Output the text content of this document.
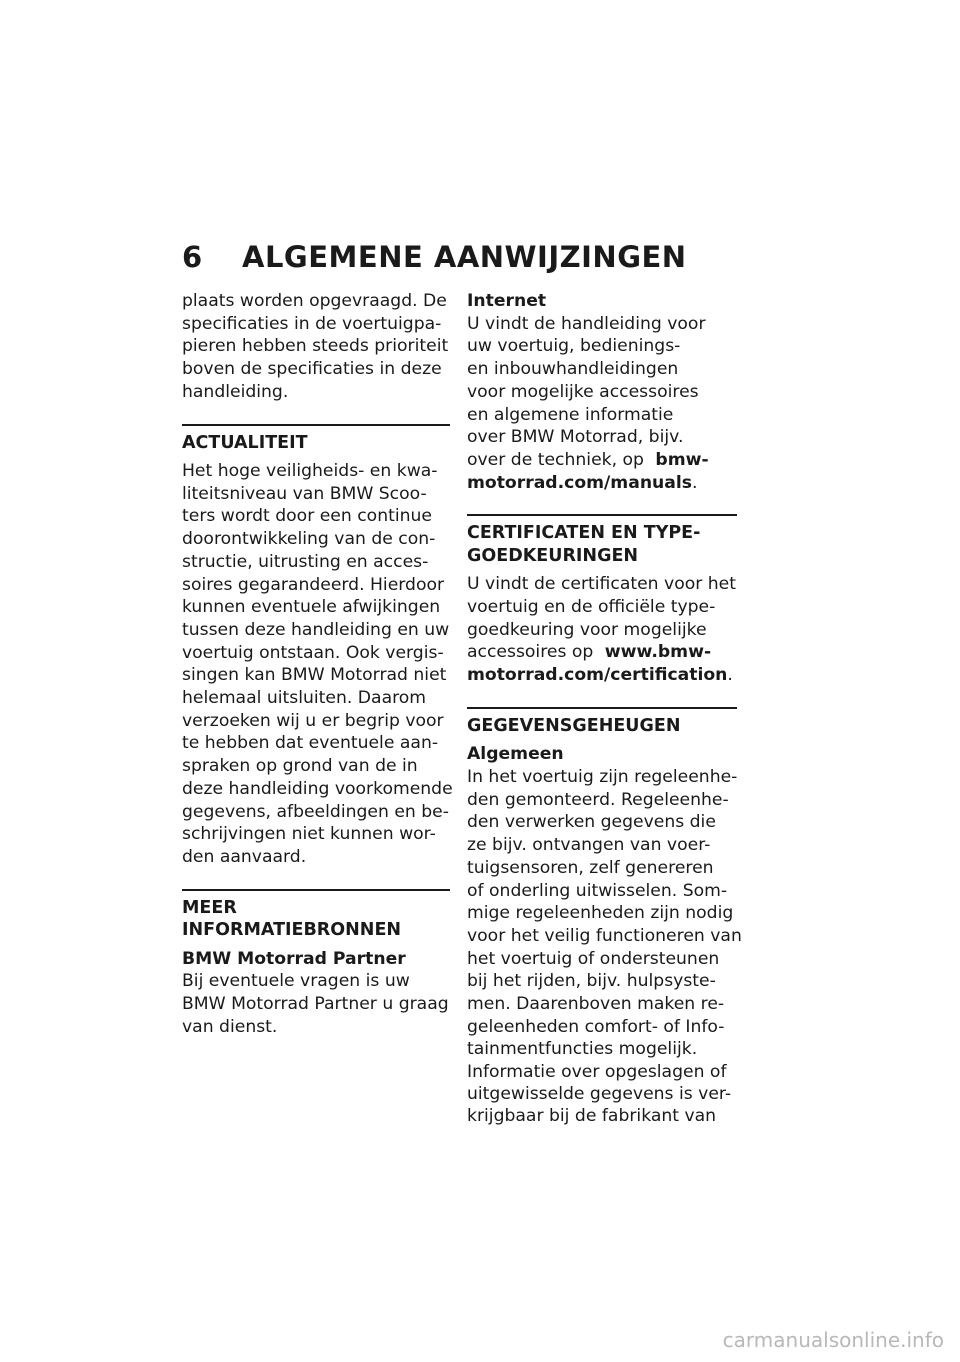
6 ALGEMENE AANWIJZINGEN

plaats worden opgevraagd. De

specificaties in de voertuigpa-

pieren hebben steeds prioriteit

boven de specificaties in deze

handleiding.

ACTUALITEIT

Het hoge veiligheids- en kwa-

liteitsniveau van BMW Scoo-

ters wordt door een continue

doorontwikkeling van de con-

structie, uitrusting en acces-

soires gegarandeerd. Hierdoor

kunnen eventuele afwijkingen

tussen deze handleiding en uw

voertuig ontstaan. Ook vergis-

singen kan BMW Motorrad niet

helemaal uitsluiten. Daarom

verzoeken wij u er begrip voor

te hebben dat eventuele aan-

spraken op grond van de in

deze handleiding voorkomende

gegevens, afbeeldingen en be-

schrijvingen niet kunnen wor-

den aanvaard.

MEER
INFORMATIEBRONNEN

BMW Motorrad Partner

Bij eventuele vragen is uw

BMW Motorrad Partner u graag

van dienst.

Internet

U vindt de handleiding voor

uw voertuig, bedienings-

en inbouwhandleidingen

voor mogelijke accessoires

en algemene informatie

over BMW Motorrad, bijv.

over de techniek, op bmw-

motorrad.com/manuals.

CERTIFICATEN EN TYPE-
GOEDKEURINGEN

U vindt de certificaten voor het

voertuig en de officiële type-

goedkeuring voor mogelijke

accessoires op www.bmw-

motorrad.com/certification.

GEGEVENSGEHEUGEN

Algemeen

In het voertuig zijn regeleenhe-

den gemonteerd. Regeleenhe-

den verwerken gegevens die

ze bijv. ontvangen van voer-

tuigsensoren, zelf genereren

of onderling uitwisselen. Som-

mige regeleenheden zijn nodig

voor het veilig functioneren van

het voertuig of ondersteunen

bij het rijden, bijv. hulpsyste-

men. Daarenboven maken re-

geleenheden comfort- of Info-

tainmentfuncties mogelijk.

Informatie over opgeslagen of

uitgewisselde gegevens is ver-

krijgbaar bij de fabrikant van

carmanualsonline.info
